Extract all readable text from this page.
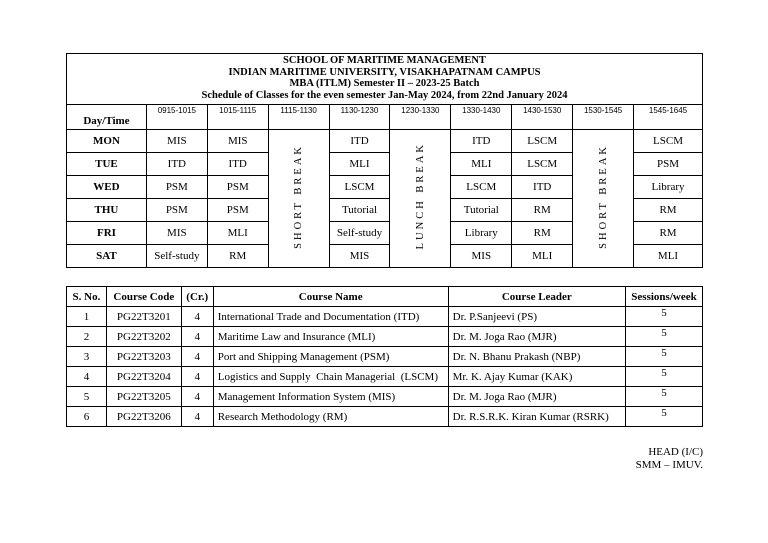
SCHOOL OF MARITIME MANAGEMENT
INDIAN MARITIME UNIVERSITY, VISAKHAPATNAM CAMPUS
MBA (ITLM) Semester II – 2023-25 Batch
Schedule of Classes for the even semester Jan-May 2024, from 22nd January 2024									

Day/Time	0915-1015	1015-1115	1115-1130	1130-1230	1230-1330	1330-1430	1430-1530	1530-1545	1545-1645
MON	MIS	MIS	SHORT BREAK	ITD	LUNCH BREAK	ITD	LSCM	SHORT BREAK	LSCM
TUE	ITD	ITD		MLI		MLI	LSCM		PSM
WED	PSM	PSM		LSCM		LSCM	ITD		Library
THU	PSM	PSM		Tutorial		Tutorial	RM		RM
FRI	MIS	MLI		Self-study		Library	RM		RM
SAT	Self-study	RM		MIS		MIS	MLI		MLI
S. No.	Course Code	(Cr.)	Course Name	Course Leader	Sessions/week
1	PG22T3201	4	International Trade and Documentation (ITD)	Dr. P.Sanjeevi (PS)	5
2	PG22T3202	4	Maritime Law and Insurance (MLI)	Dr. M. Joga Rao (MJR)	5
3	PG22T3203	4	Port and Shipping Management (PSM)	Dr. N. Bhanu Prakash (NBP)	5
4	PG22T3204	4	Logistics and Supply  Chain Managerial  (LSCM)	Mr. K. Ajay Kumar (KAK)	5
5	PG22T3205	4	Management Information System (MIS)	Dr. M. Joga Rao (MJR)	5
6	PG22T3206	4	Research Methodology (RM)	Dr. R.S.R.K. Kiran Kumar (RSRK)	5
HEAD (I/C)
SMM – IMUV.
